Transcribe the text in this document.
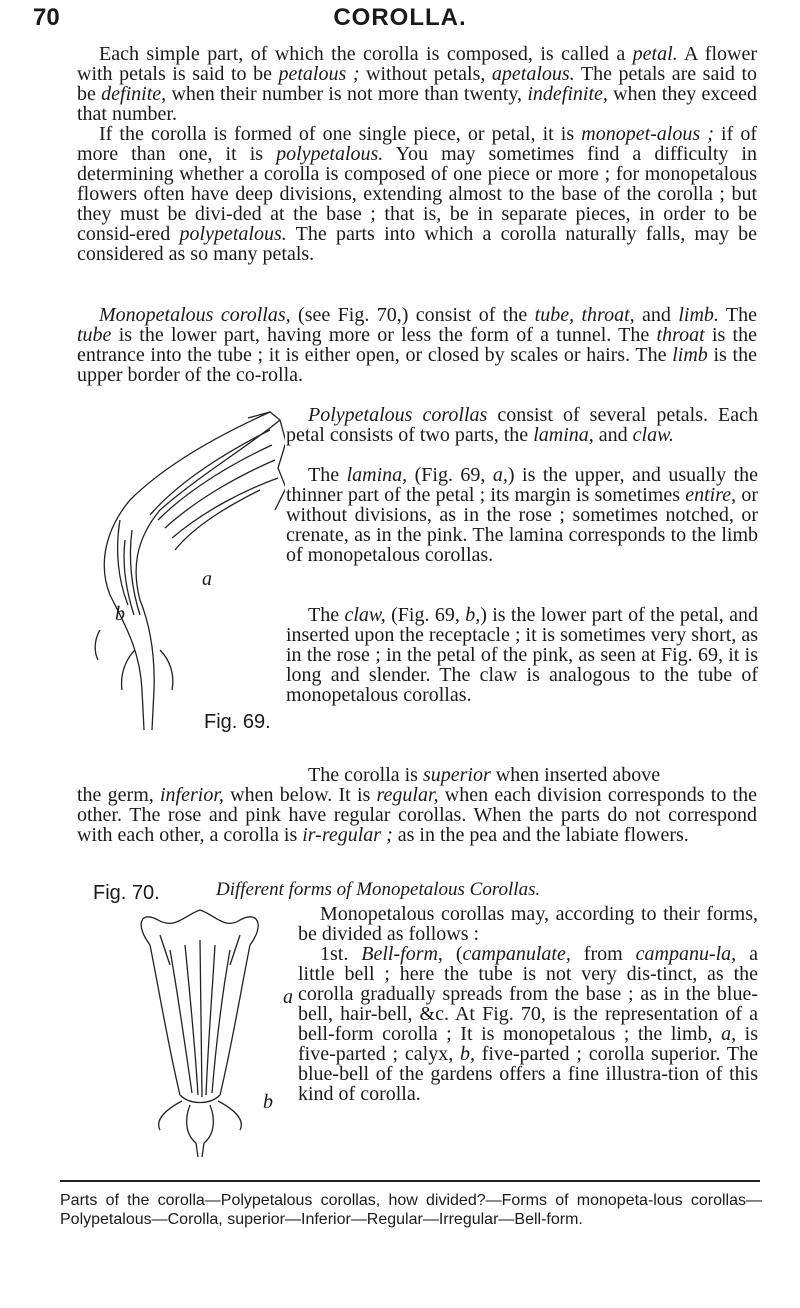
70	COROLLA.

Each simple part, of which the corolla is composed, is called a petal. A flower with petals is said to be petalous ; without petals, apetalous. The petals are said to be definite, when their number is not more than twenty, indefinite, when they exceed that number.

If the corolla is formed of one single piece, or petal, it is monopet-alous ; if of more than one, it is polypetalous. You may sometimes find a difficulty in determining whether a corolla is composed of one piece or more ; for monopetalous flowers often have deep divisions, extending almost to the base of the corolla ; but they must be divi-ded at the base ; that is, be in separate pieces, in order to be consid-ered polypetalous. The parts into which a corolla naturally falls, may be considered as so many petals.

Monopetalous corollas, (see Fig. 70,) consist of the tube, throat, and limb. The tube is the lower part, having more or less the form of a tunnel. The throat is the entrance into the tube ; it is either open, or closed by scales or hairs. The limb is the upper border of the co-rolla.

Polypetalous corollas consist of several petals. Each petal consists of two parts, the lamina, and claw.

The lamina, (Fig. 69, a,) is the upper, and usually the thinner part of the petal ; its margin is sometimes entire, or without divisions, as in the rose ; sometimes notched, or crenate, as in the pink. The lamina corresponds to the limb of monopetalous corollas.

The claw, (Fig. 69, b,) is the lower part of the petal, and inserted upon the receptacle ; it is sometimes very short, as in the rose ; in the petal of the pink, as seen at Fig. 69, it is long and slender. The claw is analogous to the tube of monopetalous corollas.

The corolla is superior when inserted above

the germ, inferior, when below. It is regular, when each division corresponds to the other. The rose and pink have regular corollas. When the parts do not correspond with each other, a corolla is ir-regular ; as in the pea and the labiate flowers.

Different forms of Monopetalous Corollas.

Monopetalous corollas may, according to their forms, be divided as follows :

1st. Bell-form, (campanulate, from campanu-la, a little bell ; here the tube is not very dis-tinct, as the corolla gradually spreads from the base ; as in the blue-bell, hair-bell, &c. At Fig. 70, is the representation of a bell-form corolla ; It is monopetalous ; the limb, a, is five-parted ; calyx, b, five-parted ; corolla superior. The blue-bell of the gardens offers a fine illustra-tion of this kind of corolla.

a
b
Fig. 69.
Fig. 70.
a
b

Parts of the corolla—Polypetalous corollas, how divided?—Forms of monopeta-lous corollas—Polypetalous—Corolla, superior—Inferior—Regular—Irregular—Bell-form.
